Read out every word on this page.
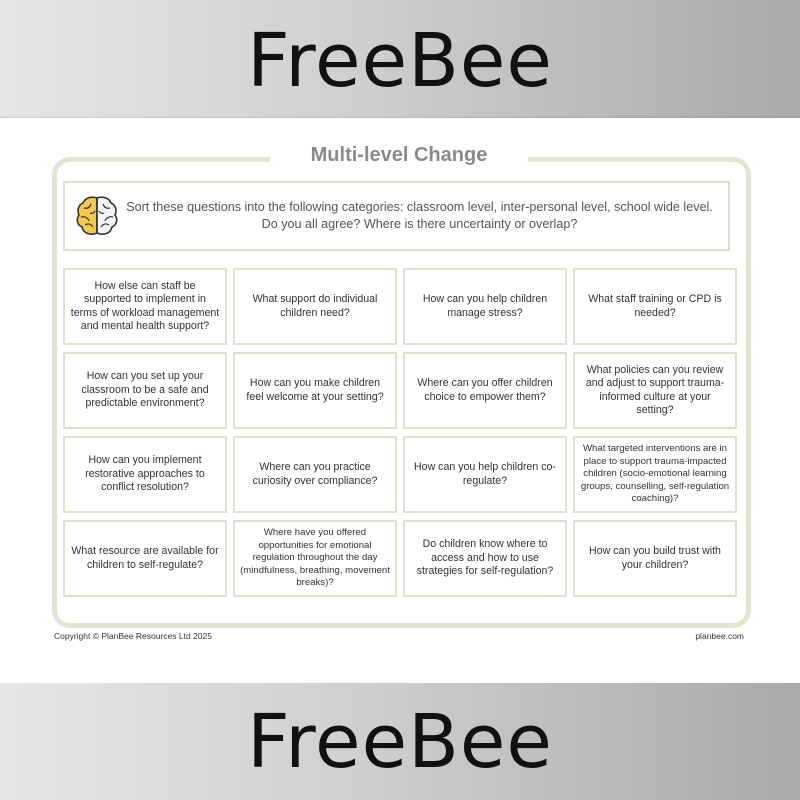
FreeBee
Multi-level Change
Sort these questions into the following categories: classroom level, inter-personal level, school wide level. Do you all agree? Where is there uncertainty or overlap?
How else can staff be supported to implement in terms of workload management and mental health support?
What support do individual children need?
How can you help children manage stress?
What staff training or CPD is needed?
How can you set up your classroom to be a safe and predictable environment?
How can you make children feel welcome at your setting?
Where can you offer children choice to empower them?
What policies can you review and adjust to support trauma-informed culture at your setting?
How can you implement restorative approaches to conflict resolution?
Where can you practice curiosity over compliance?
How can you help children co-regulate?
What targeted interventions are in place to support trauma-impacted children (socio-emotional learning groups, counselling, self-regulation coaching)?
What resource are available for children to self-regulate?
Where have you offered opportunities for emotional regulation throughout the day (mindfulness, breathing, movement breaks)?
Do children know where to access and how to use strategies for self-regulation?
How can you build trust with your children?
Copyright © PlanBee Resources Ltd 2025	planbee.com
FreeBee
